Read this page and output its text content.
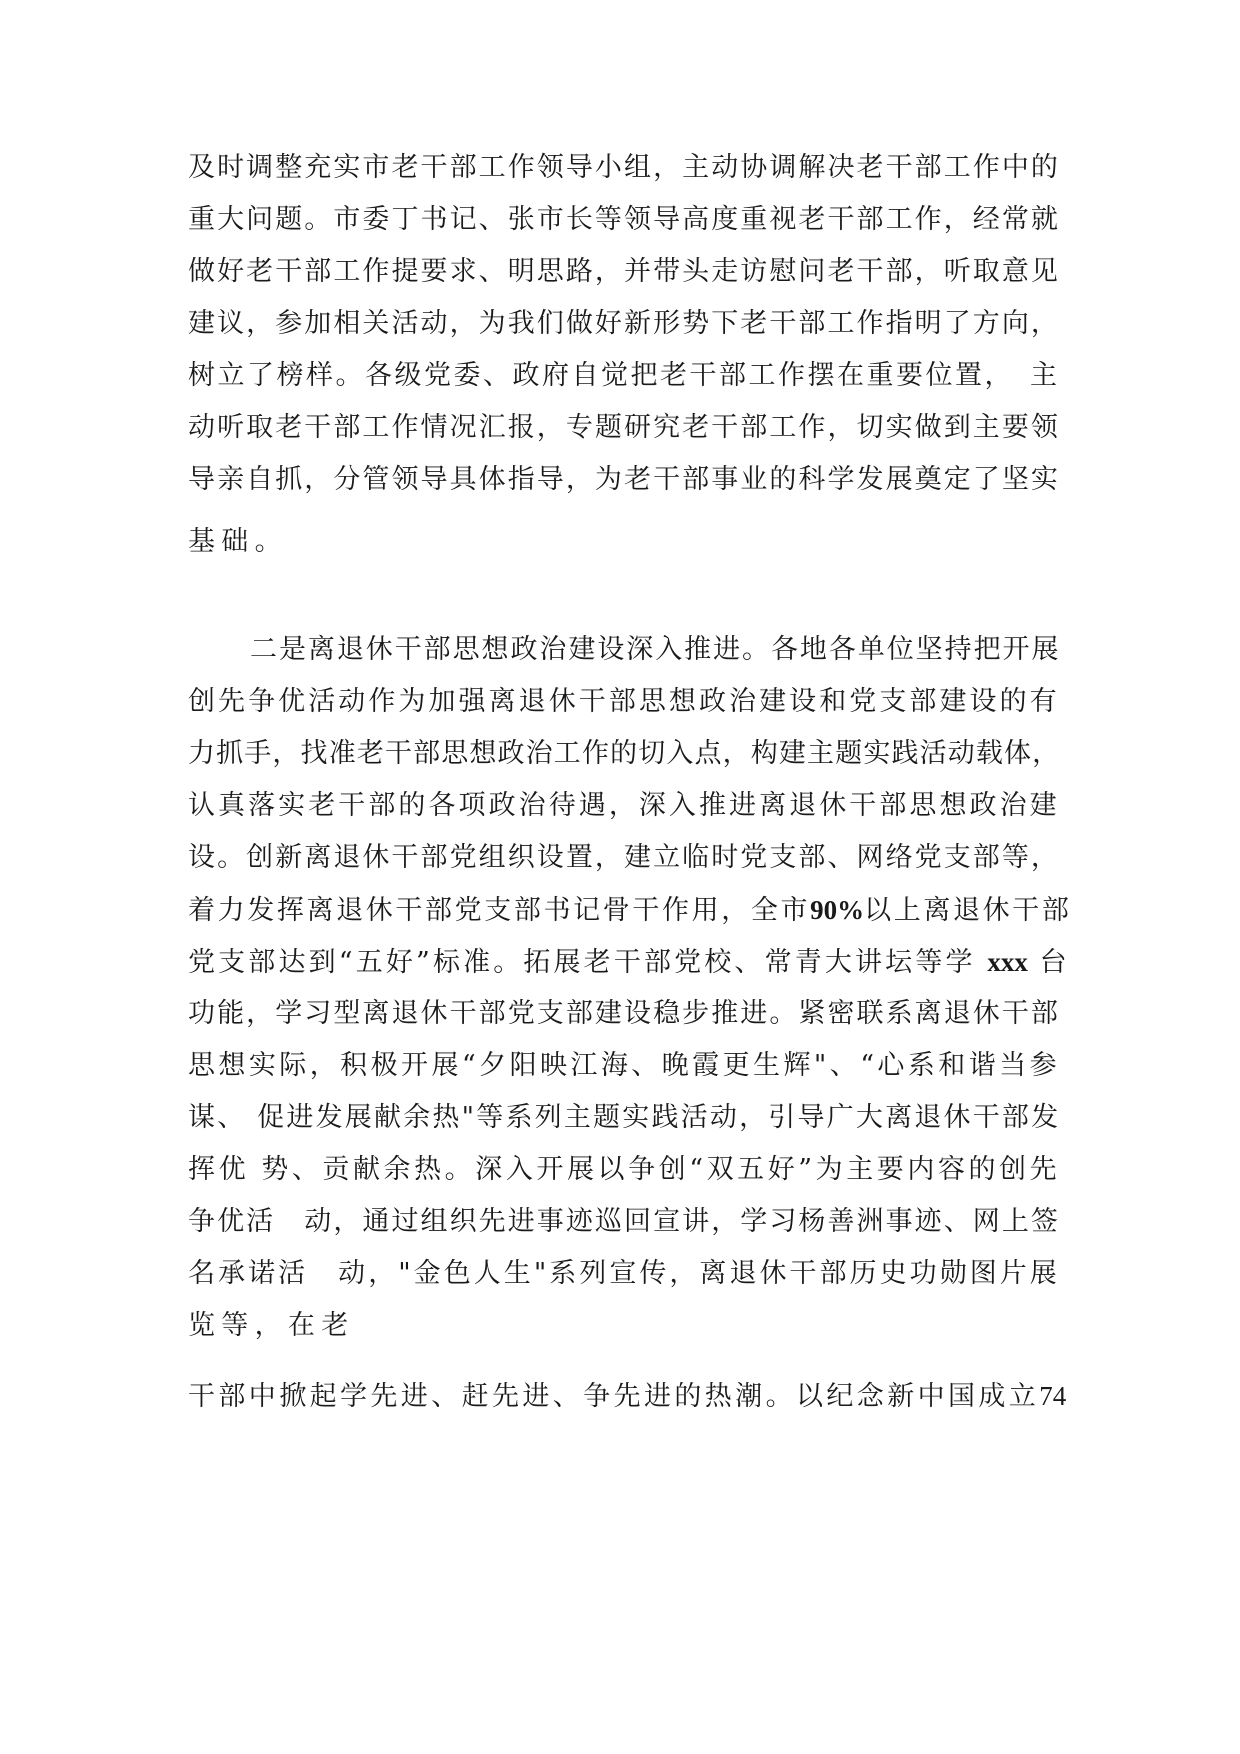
及时调整充实市老干部工作领导小组，主动协调解决老干部工作中的
重大问题。市委丁书记、张市长等领导高度重视老干部工作，经常就
做好老干部工作提要求、明思路，并带头走访慰问老干部，听取意见
建议，参加相关活动，为我们做好新形势下老干部工作指明了方向，
树立了榜样。各级党委、政府自觉把老干部工作摆在重要位置，　主
动听取老干部工作情况汇报，专题研究老干部工作，切实做到主要领
导亲自抓，分管领导具体指导，为老干部事业的科学发展奠定了坚实
基础。
二是离退休干部思想政治建设深入推进。各地各单位坚持把开展
创先争优活动作为加强离退休干部思想政治建设和党支部建设的有
力抓手，找准老干部思想政治工作的切入点，构建主题实践活动载体，
认真落实老干部的各项政治待遇，深入推进离退休干部思想政治建
设。创新离退休干部党组织设置，建立临时党支部、网络党支部等，
着力发挥离退休干部党支部书记骨干作用，全市90%以上离退休干部
党支部达到“五好”标准。拓展老干部党校、常青大讲坛等学 xxx 台
功能，学习型离退休干部党支部建设稳步推进。紧密联系离退休干部
思想实际，积极开展“夕阳映江海、晚霞更生辉"、“心系和谐当参
谋、 促进发展献余热"等系列主题实践活动，引导广大离退休干部发
挥优 势、贡献余热。深入开展以争创“双五好”为主要内容的创先
争优活　动，通过组织先进事迹巡回宣讲，学习杨善洲事迹、网上签
名承诺活　动，"金色人生"系列宣传，离退休干部历史功勋图片展
览等，在老
干部中掀起学先进、赶先进、争先进的热潮。以纪念新中国成立74
